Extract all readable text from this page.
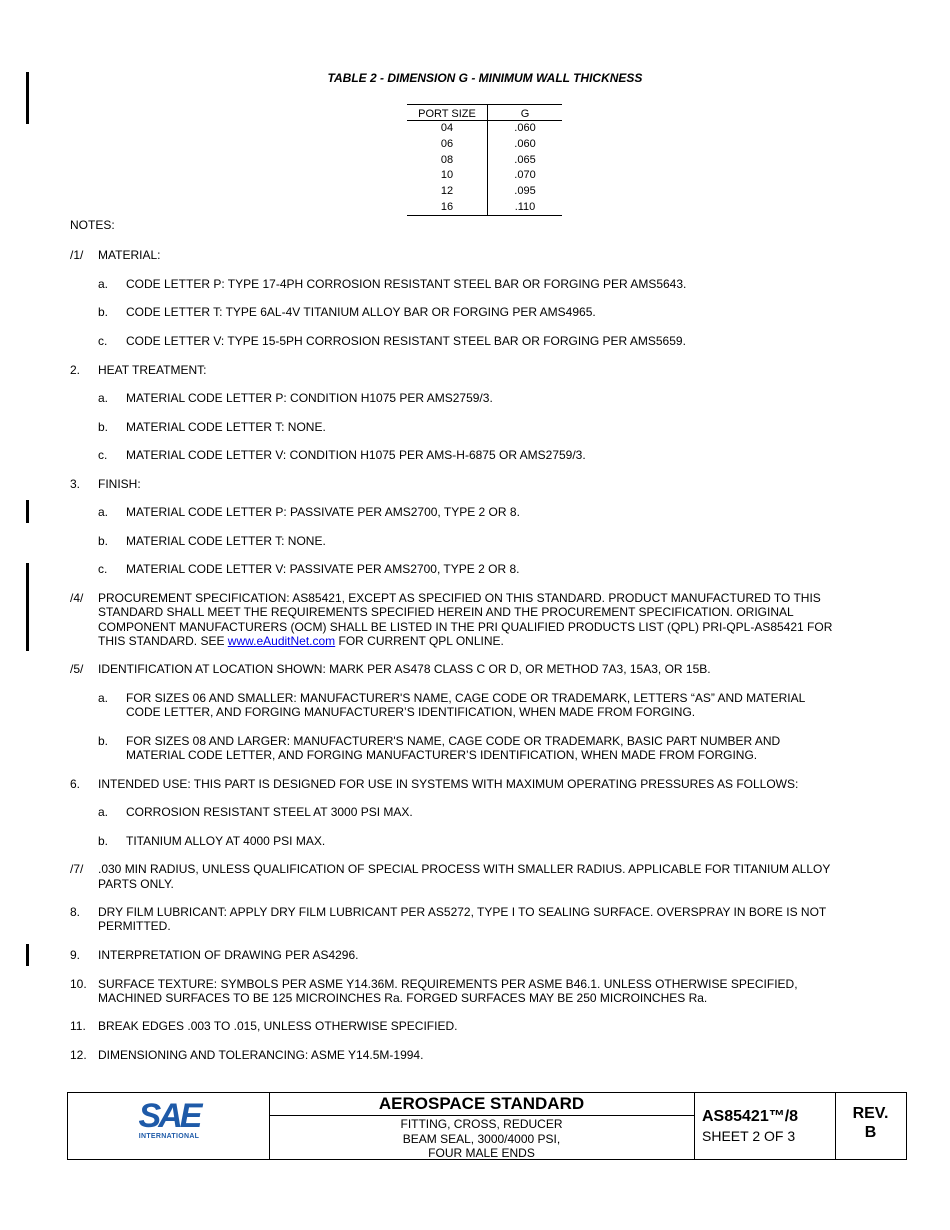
TABLE 2 - DIMENSION G - MINIMUM WALL THICKNESS
PORT SIZE	G
04	.060
06	.060
08	.065
10	.070
12	.095
16	.110
NOTES:
/1/ MATERIAL:
a. CODE LETTER P: TYPE 17-4PH CORROSION RESISTANT STEEL BAR OR FORGING PER AMS5643.
b. CODE LETTER T: TYPE 6AL-4V TITANIUM ALLOY BAR OR FORGING PER AMS4965.
c. CODE LETTER V: TYPE 15-5PH CORROSION RESISTANT STEEL BAR OR FORGING PER AMS5659.
2. HEAT TREATMENT:
a. MATERIAL CODE LETTER P: CONDITION H1075 PER AMS2759/3.
b. MATERIAL CODE LETTER T: NONE.
c. MATERIAL CODE LETTER V: CONDITION H1075 PER AMS-H-6875 OR AMS2759/3.
3. FINISH:
a. MATERIAL CODE LETTER P: PASSIVATE PER AMS2700, TYPE 2 OR 8.
b. MATERIAL CODE LETTER T: NONE.
c. MATERIAL CODE LETTER V: PASSIVATE PER AMS2700, TYPE 2 OR 8.
/4/ PROCUREMENT SPECIFICATION: AS85421, EXCEPT AS SPECIFIED ON THIS STANDARD. PRODUCT MANUFACTURED TO THIS
STANDARD SHALL MEET THE REQUIREMENTS SPECIFIED HEREIN AND THE PROCUREMENT SPECIFICATION. ORIGINAL
COMPONENT MANUFACTURERS (OCM) SHALL BE LISTED IN THE PRI QUALIFIED PRODUCTS LIST (QPL) PRI-QPL-AS85421 FOR
THIS STANDARD. SEE www.eAuditNet.com FOR CURRENT QPL ONLINE.
/5/ IDENTIFICATION AT LOCATION SHOWN: MARK PER AS478 CLASS C OR D, OR METHOD 7A3, 15A3, OR 15B.
a. FOR SIZES 06 AND SMALLER: MANUFACTURER'S NAME, CAGE CODE OR TRADEMARK, LETTERS “AS” AND MATERIAL
CODE LETTER, AND FORGING MANUFACTURER’S IDENTIFICATION, WHEN MADE FROM FORGING.
b. FOR SIZES 08 AND LARGER: MANUFACTURER'S NAME, CAGE CODE OR TRADEMARK, BASIC PART NUMBER AND
MATERIAL CODE LETTER, AND FORGING MANUFACTURER’S IDENTIFICATION, WHEN MADE FROM FORGING.
6. INTENDED USE: THIS PART IS DESIGNED FOR USE IN SYSTEMS WITH MAXIMUM OPERATING PRESSURES AS FOLLOWS:
a. CORROSION RESISTANT STEEL AT 3000 PSI MAX.
b. TITANIUM ALLOY AT 4000 PSI MAX.
/7/ .030 MIN RADIUS, UNLESS QUALIFICATION OF SPECIAL PROCESS WITH SMALLER RADIUS. APPLICABLE FOR TITANIUM ALLOY
PARTS ONLY.
8. DRY FILM LUBRICANT: APPLY DRY FILM LUBRICANT PER AS5272, TYPE I TO SEALING SURFACE. OVERSPRAY IN BORE IS NOT
PERMITTED.
9. INTERPRETATION OF DRAWING PER AS4296.
10. SURFACE TEXTURE: SYMBOLS PER ASME Y14.36M. REQUIREMENTS PER ASME B46.1. UNLESS OTHERWISE SPECIFIED,
MACHINED SURFACES TO BE 125 MICROINCHES Ra. FORGED SURFACES MAY BE 250 MICROINCHES Ra.
11. BREAK EDGES .003 TO .015, UNLESS OTHERWISE SPECIFIED.
12. DIMENSIONING AND TOLERANCING: ASME Y14.5M-1994.
SAE
INTERNATIONAL
AEROSPACE STANDARD
FITTING, CROSS, REDUCER
BEAM SEAL, 3000/4000 PSI,
FOUR MALE ENDS
AS85421™/8
SHEET 2 OF 3
REV.
B
